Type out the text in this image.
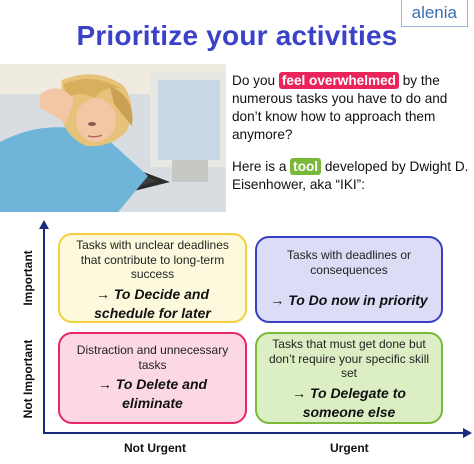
alenia
Prioritize your activities

Do you feel overwhelmed by the numerous tasks you have to do and don’t know how to approach them anymore?

Here is a tool developed by Dwight D. Eisenhower, aka “IKI”:

Important
Not Important
Not Urgent	Urgent
Tasks with unclear deadlines that contribute to long-term success
→ To Decide and schedule for later
Tasks with deadlines or consequences
→ To Do now in priority
Distraction and unnecessary tasks
→ To Delete and eliminate
Tasks that must get done but don’t require your specific skill set
→ To Delegate to someone else
